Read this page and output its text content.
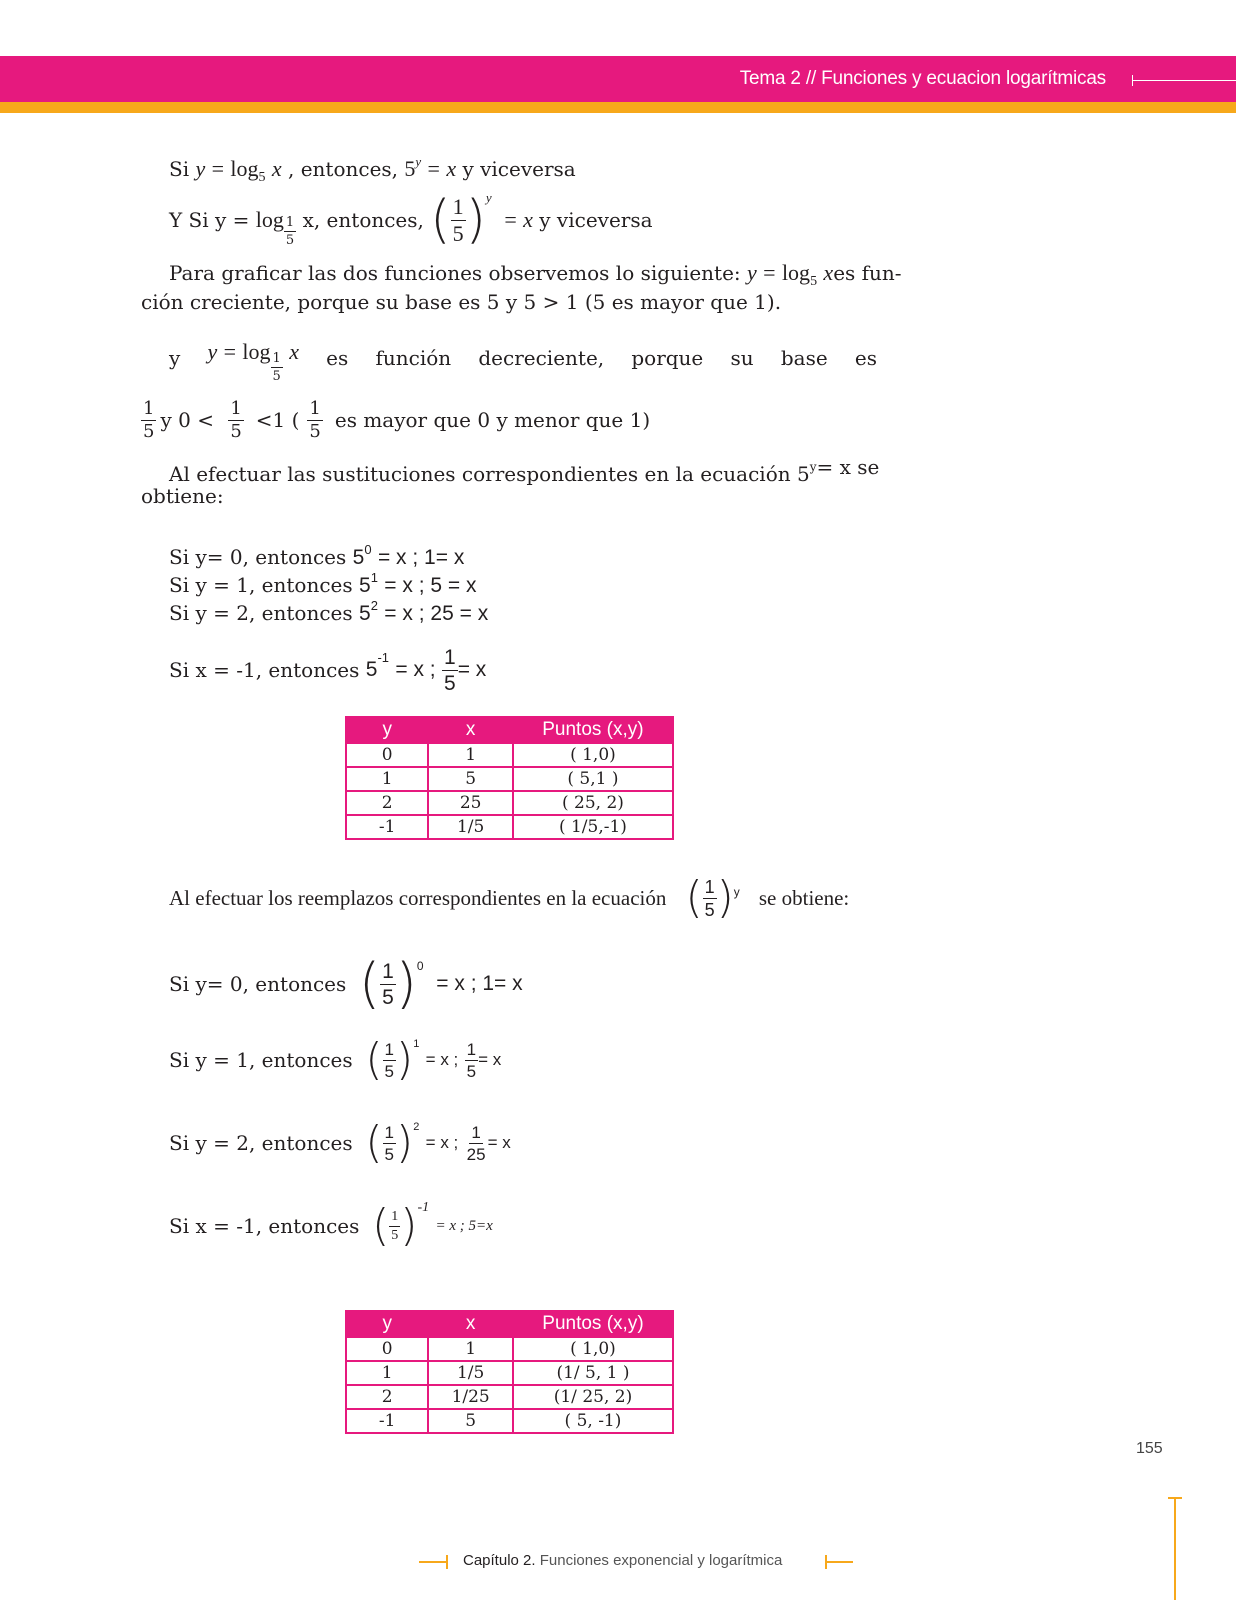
Tema 2 // Funciones y ecuacion logarítmicas
Si $y = \log_5 x$ , entonces, $5^y = x$ y viceversa
Y Si y =
$\log \frac{1}{5}$
x , entonces,
( $\frac{1}{5}$ ) y

=
x
y viceversa
Para graficar las dos funciones observemos lo siguiente: $y = \log_5 x$ es fun-
ción creciente, porque su base es 5 y 5 > 1 (5 es mayor que 1).
y y
=
log
$\frac{1}{5}$

x es función decreciente, porque su base es
$\frac{1}{5}$ y 0 <
$\frac{1}{5} <1$ ( $\frac{1}{5}$ es mayor que 0 y menor que 1)
Al efectuar las sustituciones correspondientes en la ecuación $5^y = x$ se
obtiene:
Si y= 0, entonces $5^0 = x$ ; 1= x
Si y = 1, entonces $5^1 = x$ ; 5 = x
Si y = 2, entonces $5^2 = x$ ; 25 = x
Si x = -1, entonces
5
-1

= x ;
$\frac{1}{5} = x$
y	x	Puntos (x,y)
0	1	( 1,0)
1	5	( 5,1 )
2	25	( 25, 2)
-1	1/5	( 1/5,-1)
Al efectuar los reemplazos correspondientes en la ecuación
( $\frac{1}{5}$ ) y
se obtiene:
Si y= 0, entonces
( $\frac{1}{5}$ ) 0

= x ; 1= x
Si y = 1, entonces
( $\frac{1}{5}$ ) 1

= x ;
$\frac{1}{5} = x$
Si y = 2, entonces
( $\frac{1}{5}$ ) 2

= x ;
$\frac{1}{25} = x$
Si x = -1, entonces
( $\frac{1}{5}$ ) -1

= x ; 5=x
y	x	Puntos (x,y)
0	1	( 1,0)
1	1/5	(1/ 5, 1 )
2	1/25	(1/ 25, 2)
-1	5	( 5, -1)
155
Capítulo 2. Funciones exponencial y logarítmica
